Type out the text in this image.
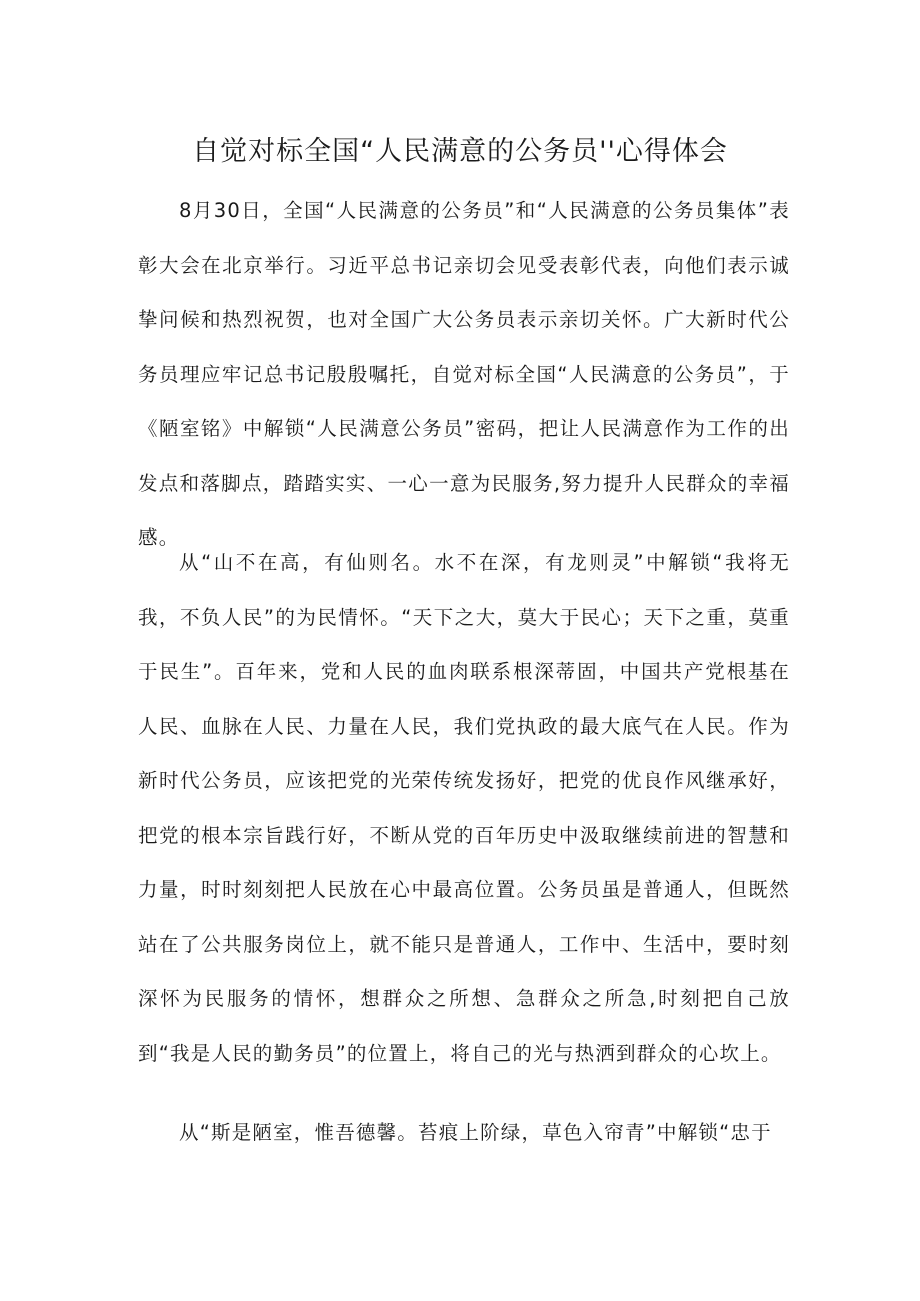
自觉对标全国“人民满意的公务员''心得体会

8月30日，全国“人民满意的公务员”和“人民满意的公务员集体”表彰大会在北京举行。习近平总书记亲切会见受表彰代表，向他们表示诚挚问候和热烈祝贺，也对全国广大公务员表示亲切关怀。广大新时代公务员理应牢记总书记殷殷嘱托，自觉对标全国“人民满意的公务员”，于《陋室铭》中解锁“人民满意公务员”密码，把让人民满意作为工作的出发点和落脚点，踏踏实实、一心一意为民服务,努力提升人民群众的幸福感。

从“山不在高，有仙则名。水不在深，有龙则灵”中解锁“我将无我，不负人民”的为民情怀。“天下之大，莫大于民心；天下之重，莫重于民生”。百年来，党和人民的血肉联系根深蒂固，中国共产党根基在人民、血脉在人民、力量在人民，我们党执政的最大底气在人民。作为新时代公务员，应该把党的光荣传统发扬好，把党的优良作风继承好，把党的根本宗旨践行好，不断从党的百年历史中汲取继续前进的智慧和力量，时时刻刻把人民放在心中最高位置。公务员虽是普通人，但既然站在了公共服务岗位上，就不能只是普通人，工作中、生活中，要时刻深怀为民服务的情怀，想群众之所想、急群众之所急,时刻把自己放到“我是人民的勤务员”的位置上，将自己的光与热洒到群众的心坎上。

从“斯是陋室，惟吾德馨。苔痕上阶绿，草色入帘青”中解锁“忠于
